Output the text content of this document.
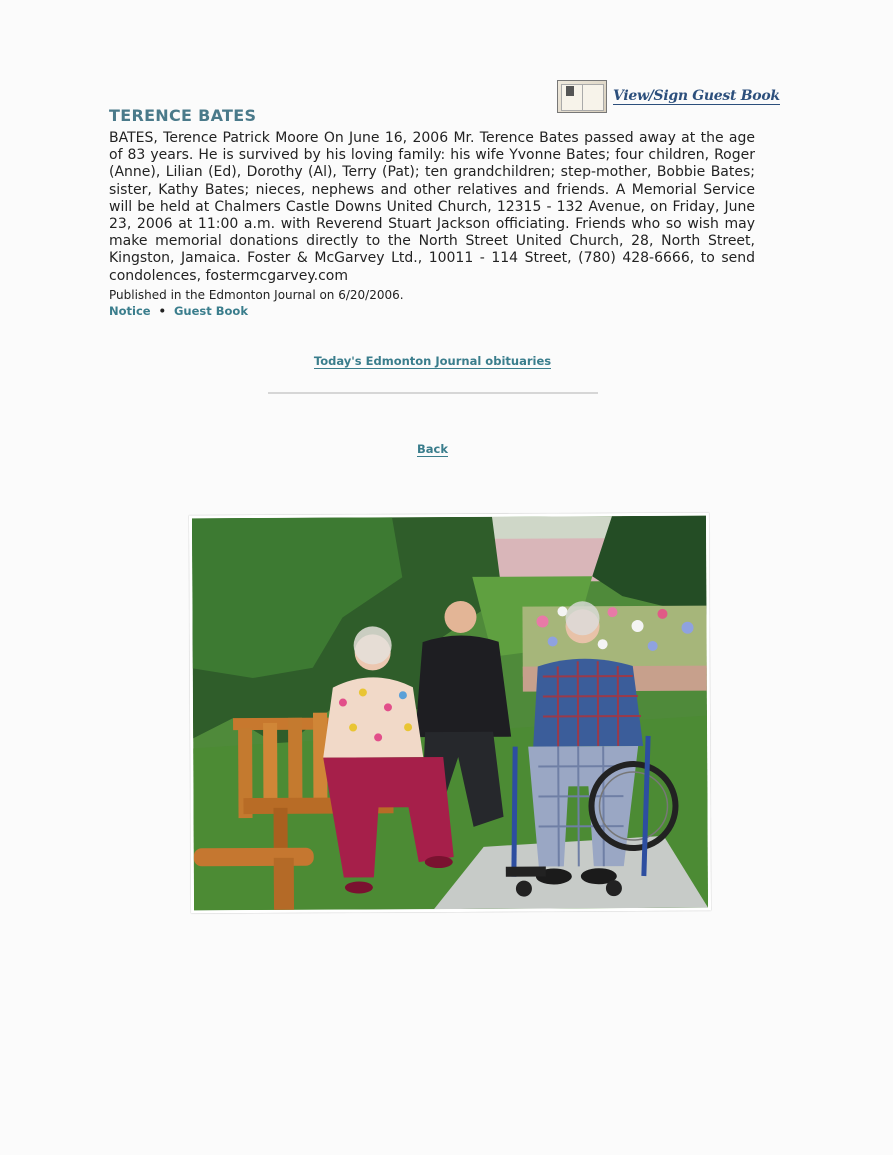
View/Sign Guest Book
TERENCE BATES

BATES, Terence Patrick Moore On June 16, 2006 Mr. Terence Bates passed away at the age of 83 years. He is survived by his loving family: his wife Yvonne Bates; four children, Roger (Anne), Lilian (Ed), Dorothy (Al), Terry (Pat); ten grandchildren; step-mother, Bobbie Bates; sister, Kathy Bates; nieces, nephews and other relatives and friends. A Memorial Service will be held at Chalmers Castle Downs United Church, 12315 - 132 Avenue, on Friday, June 23, 2006 at 11:00 a.m. with Reverend Stuart Jackson officiating. Friends who so wish may make memorial donations directly to the North Street United Church, 28, North Street, Kingston, Jamaica. Foster & McGarvey Ltd., 10011 - 114 Street, (780) 428-6666, to send condolences, fostermcgarvey.com

Published in the Edmonton Journal on 6/20/2006.

Notice • Guest Book
Today's Edmonton Journal obituaries
Back
